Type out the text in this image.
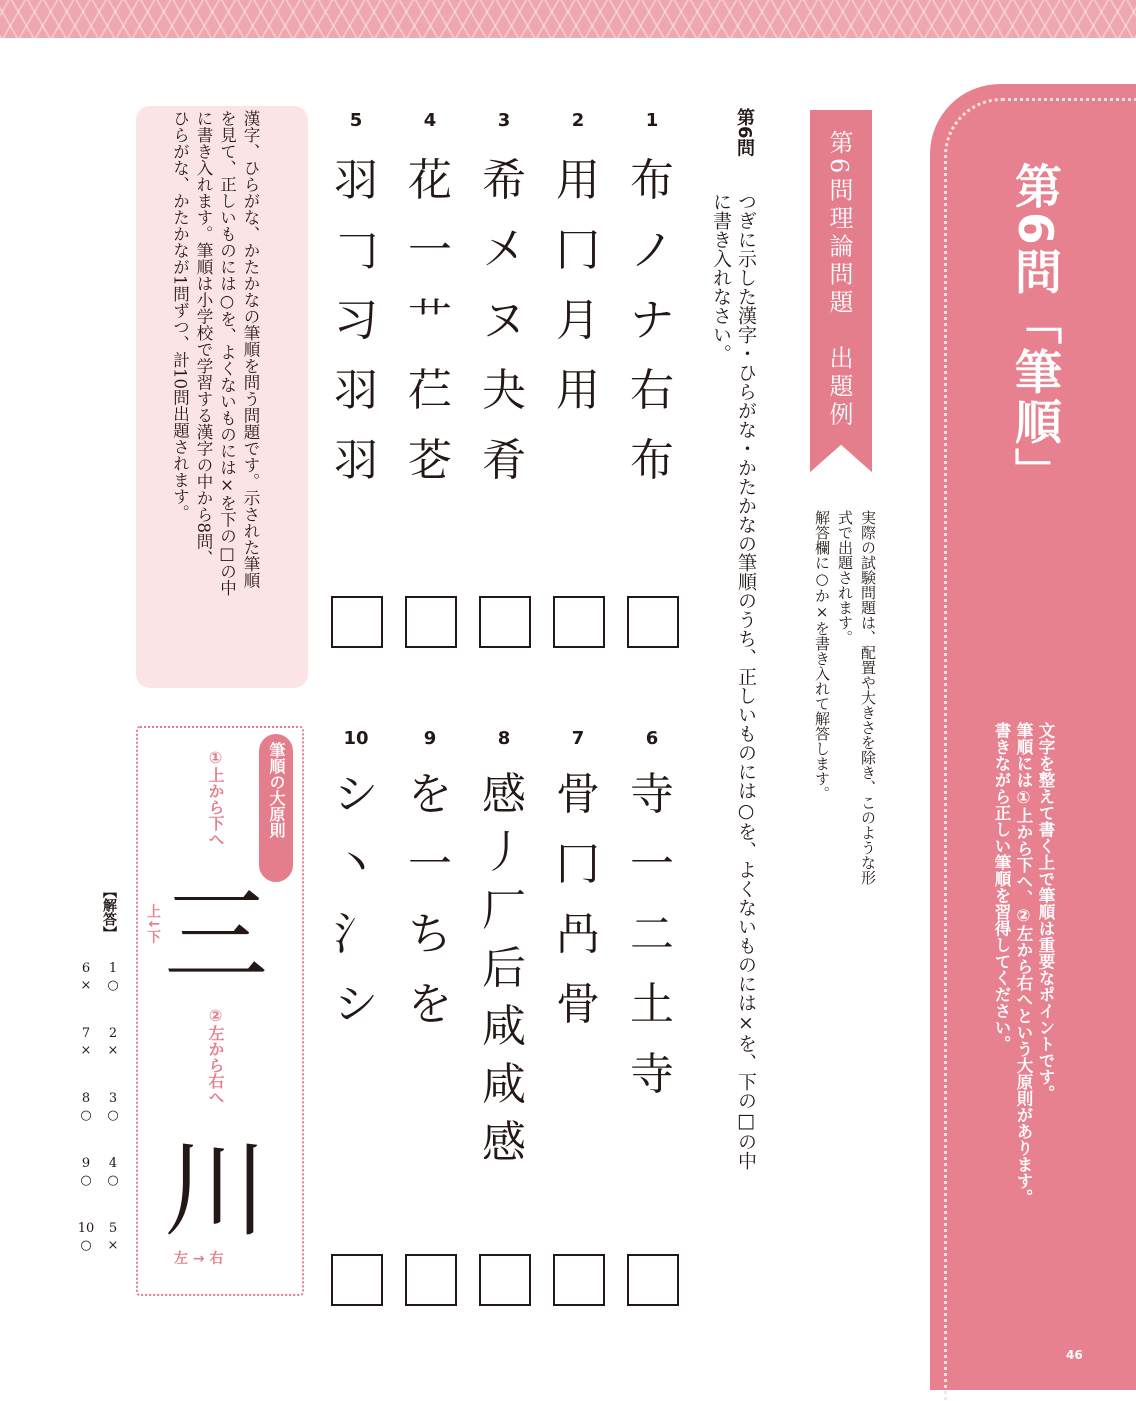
第6問「筆順」
文字を整えて書く上で筆順は重要なポイントです。
筆順には①上から下へ、②左から右へという大原則があります。
書きながら正しい筆順を習得してください。
46
第6問理論問題　出題例
実際の試験問題は、配置や大きさを除き、このような形式で出題されます。
解答欄に○か×を書き入れて解答します。
第6問
つぎに示した漢字・ひらがな・かたかなの筆順のうち、正しいものには○を、よくないものには×を、下の□の中
に書き入れなさい。
1
2
3
4
5
布
ノ
ナ
右
布
用
冂
月
用
希
㐅
ヌ
夬
肴
花
一
艹
芢
芲
羽
𠃌
习
羽
羽
6
7
8
9
10
寺
一
二
土
寺
骨
冂
冎
骨
感
丿
厂
后
咸
咸
感
を
一
ち
を
シ
丶
氵
シ
漢字、ひらがな、かたかなの筆順を問う問題です。示された筆順
を見て、正しいものには○を、よくないものには×を下の□の中
に書き入れます。筆順は小学校で学習する漢字の中から8問、
ひらがな、かたかなが1問ずつ、計10問出題されます。
筆順の大原則
①上から下へ
上↓下 三
②左から右へ
川
左 → 右
【解答】
1
○
2
×
3
○
4
○
5
×
6
×
7
×
8
○
9
○
10
○
